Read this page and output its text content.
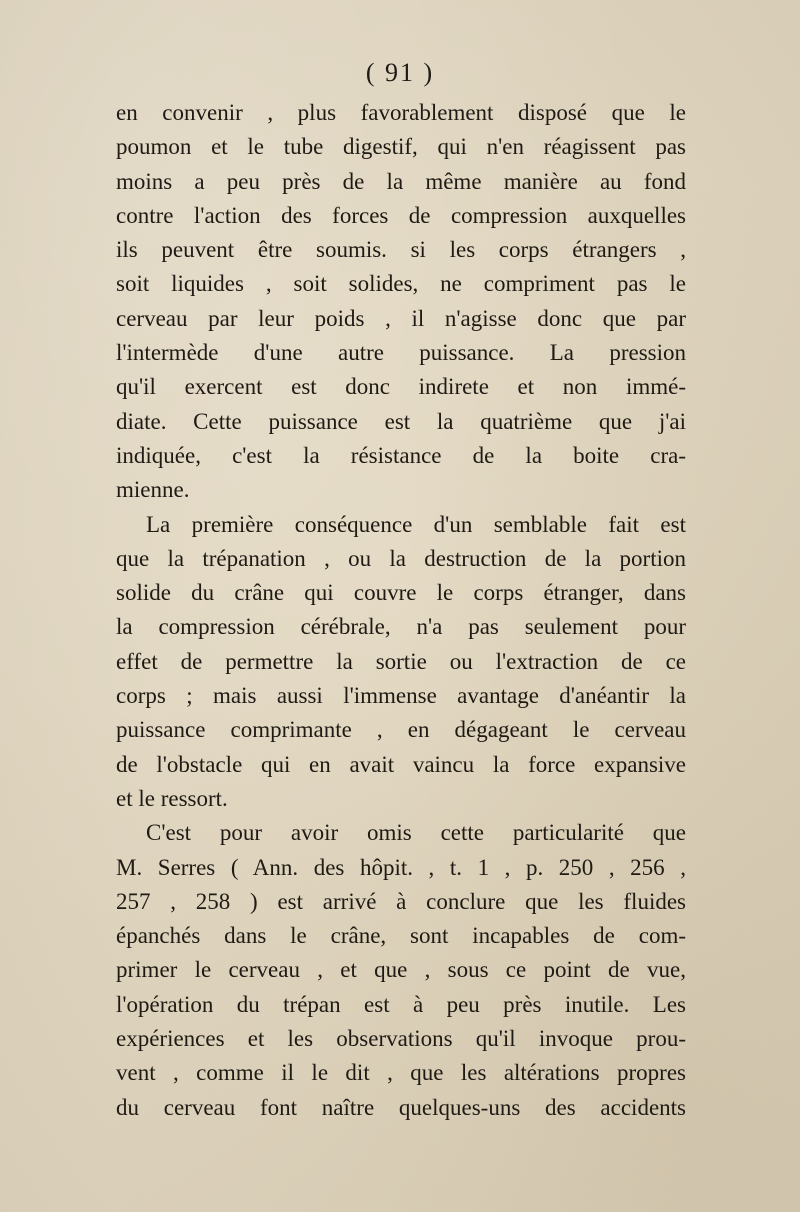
( 91 )
en convenir , plus favorablement disposé que le
poumon et le tube digestif, qui n'en réagissent pas
moins a peu près de la même manière au fond
contre l'action des forces de compression auxquelles
ils peuvent être soumis. si les corps étrangers ,
soit liquides , soit solides, ne compriment pas le
cerveau par leur poids , il n'agisse donc que par
l'intermède d'une autre puissance. La pression
qu'il exercent est donc indirete et non immé-
diate. Cette puissance est la quatrième que j'ai
indiquée, c'est la résistance de la boite cra-
mienne.
La première conséquence d'un semblable fait est
que la trépanation , ou la destruction de la portion
solide du crâne qui couvre le corps étranger, dans
la compression cérébrale, n'a pas seulement pour
effet de permettre la sortie ou l'extraction de ce
corps ; mais aussi l'immense avantage d'anéantir la
puissance comprimante , en dégageant le cerveau
de l'obstacle qui en avait vaincu la force expansive
et le ressort.
C'est pour avoir omis cette particularité que
M. Serres ( Ann. des hôpit. , t. 1 , p. 250 , 256 ,
257 , 258 ) est arrivé à conclure que les fluides
épanchés dans le crâne, sont incapables de com-
primer le cerveau , et que , sous ce point de vue,
l'opération du trépan est à peu près inutile. Les
expériences et les observations qu'il invoque prou-
vent , comme il le dit , que les altérations propres
du cerveau font naître quelques-uns des accidents
